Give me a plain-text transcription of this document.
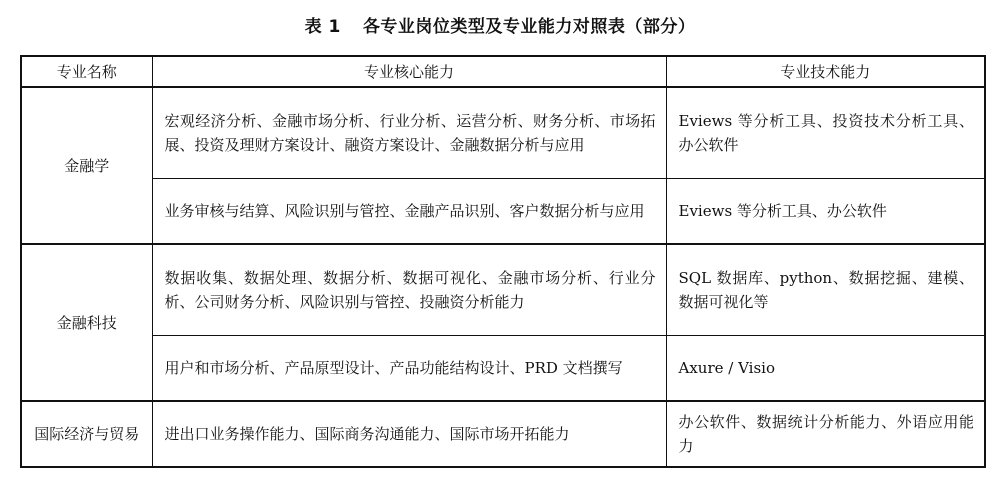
表 1 各专业岗位类型及专业能力对照表（部分）
专业名称	专业核心能力	专业技术能力
金融学	宏观经济分析、金融市场分析、行业分析、运营分析、财务分析、市场拓展、投资及理财方案设计、融资方案设计、金融数据分析与应用	Eviews 等分析工具、投资技术分析工具、办公软件
	业务审核与结算、风险识别与管控、金融产品识别、客户数据分析与应用	Eviews 等分析工具、办公软件
金融科技	数据收集、数据处理、数据分析、数据可视化、金融市场分析、行业分析、公司财务分析、风险识别与管控、投融资分析能力	SQL 数据库、python、数据挖掘、建模、数据可视化等
	用户和市场分析、产品原型设计、产品功能结构设计、PRD 文档撰写	Axure / Visio
国际经济与贸易	进出口业务操作能力、国际商务沟通能力、国际市场开拓能力	办公软件、数据统计分析能力、外语应用能力
